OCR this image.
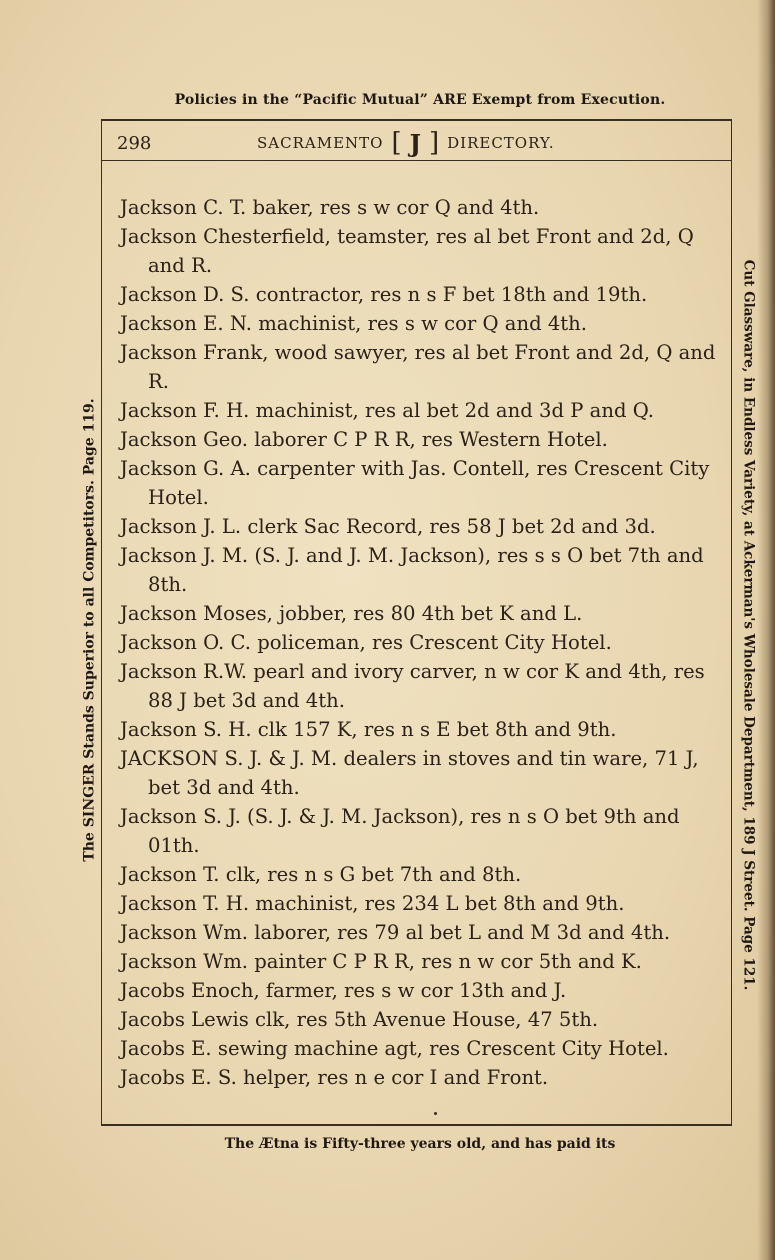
Policies in the “Pacific Mutual” ARE Exempt from Execution.
The SINGER Stands Superior to all Competitors. Page 119.	Cut Glassware, in Endless Variety, at Ackerman's Wholesale Department, 189 J Street. Page 121.
298	SACRAMENTO [ J ] DIRECTORY.

Jackson C. T. baker, res s w cor Q and 4th.

Jackson Chesterfield, teamster, res al bet Front and 2d, Q and R.

Jackson D. S. contractor, res n s F bet 18th and 19th.

Jackson E. N. machinist, res s w cor Q and 4th.

Jackson Frank, wood sawyer, res al bet Front and 2d, Q and R.

Jackson F. H. machinist, res al bet 2d and 3d P and Q.

Jackson Geo. laborer C P R R, res Western Hotel.

Jackson G. A. carpenter with Jas. Contell, res Crescent City Hotel.

Jackson J. L. clerk Sac Record, res 58 J bet 2d and 3d.

Jackson J. M. (S. J. and J. M. Jackson), res s s O bet 7th and 8th.

Jackson Moses, jobber, res 80 4th bet K and L.

Jackson O. C. policeman, res Crescent City Hotel.

Jackson R.W. pearl and ivory carver, n w cor K and 4th, res 88 J bet 3d and 4th.

Jackson S. H. clk 157 K, res n s E bet 8th and 9th.

JACKSON S. J. & J. M. dealers in stoves and tin ware, 71 J, bet 3d and 4th.

Jackson S. J. (S. J. & J. M. Jackson), res n s O bet 9th and 01th.

Jackson T. clk, res n s G bet 7th and 8th.

Jackson T. H. machinist, res 234 L bet 8th and 9th.

Jackson Wm. laborer, res 79 al bet L and M 3d and 4th.

Jackson Wm. painter C P R R, res n w cor 5th and K.

Jacobs Enoch, farmer, res s w cor 13th and J.

Jacobs Lewis clk, res 5th Avenue House, 47 5th.

Jacobs E. sewing machine agt, res Crescent City Hotel.

Jacobs E. S. helper, res n e cor I and Front.

The Ætna is Fifty-three years old, and has paid its
